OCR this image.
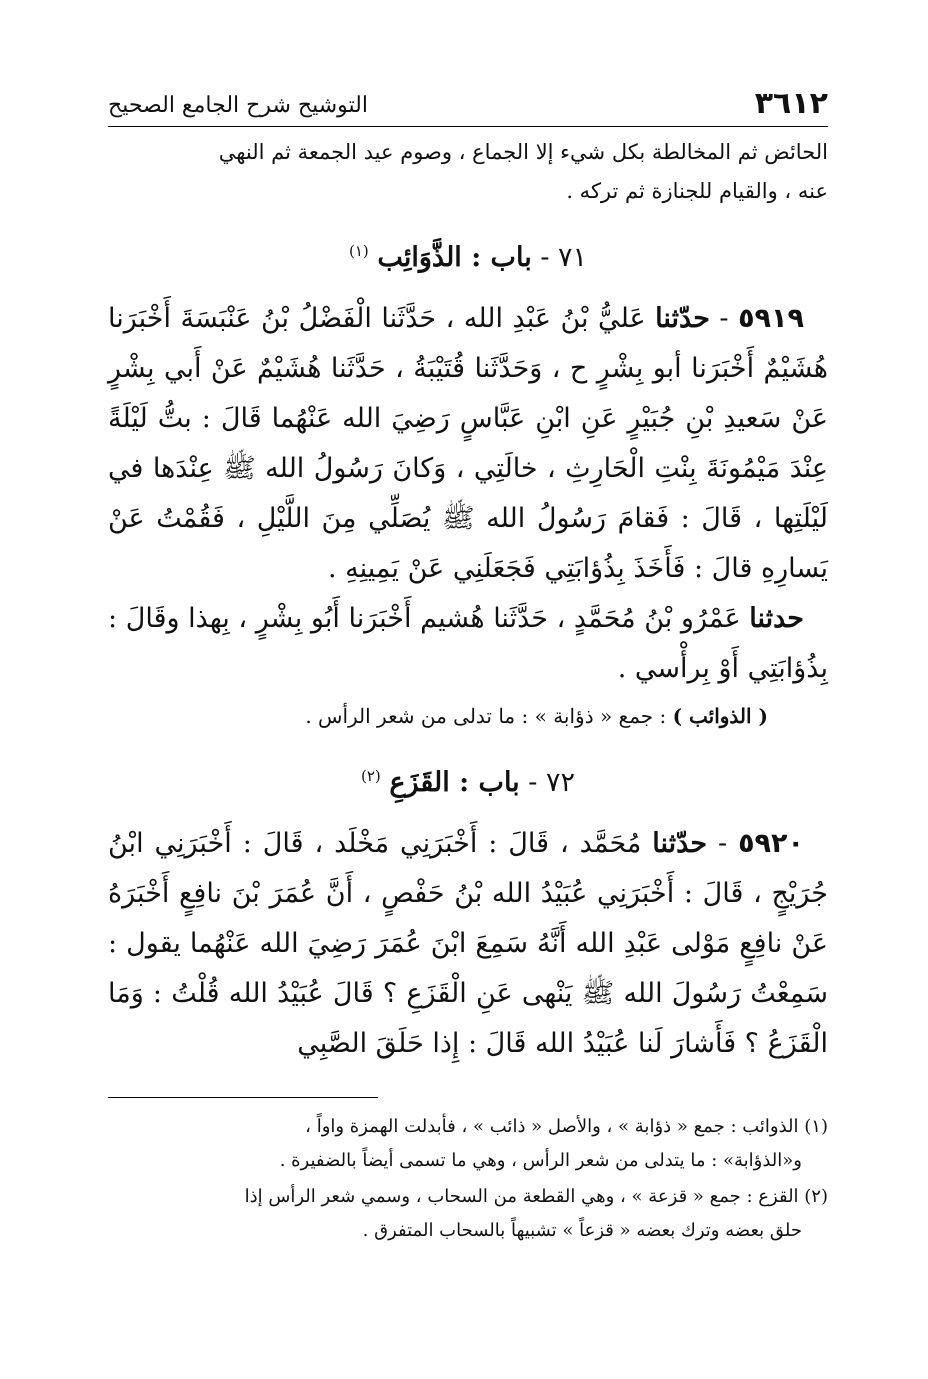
٣٦١٢
التوشيح شرح الجامع الصحيح

الحائض ثم المخالطة بكل شيء إلا الجماع ، وصوم عيد الجمعة ثم النهي

عنه ، والقيام للجنازة ثم تركه .

٧١ - باب : الذَّوَائِب $^{(١)}$

٥٩١٩ - حدّثنا عَليُّ بْنُ عَبْدِ الله ، حَدَّثَنا الْفَضْلُ بْنُ عَنْبَسَةَ أَخْبَرَنا هُشَيْمٌ أَخْبَرَنا أبو بِشْرٍ ح ، وَحَدَّثَنا قُتَيْبَةُ ، حَدَّثَنا هُشَيْمٌ عَنْ أَبي بِشْرٍ عَنْ سَعيدِ بْنِ جُبَيْرٍ عَنِ ابْنِ عَبَّاسٍ رَضِيَ الله عَنْهُما قَالَ : بتُّ لَيْلَةً عِنْدَ مَيْمُونَةَ بِنْتِ الْحَارِثِ ، خالَتِي ، وَكانَ رَسُولُ الله ﷺ عِنْدَها في لَيْلَتِها ، قَالَ : فَقامَ رَسُولُ الله ﷺ يُصَلِّي مِنَ اللَّيْلِ ، فَقُمْتُ عَنْ يَسارِهِ قالَ : فَأَخَذَ بِذُؤابَتِي فَجَعَلَنِي عَنْ يَمِينِهِ .

حدثنا عَمْرُو بْنُ مُحَمَّدٍ ، حَدَّثَنا هُشيم أَخْبَرَنا أَبُو بِشْرٍ ، بِهذا وقَالَ : بِذُؤابَتِي أَوْ بِرأْسي .

( الذوائب ) : جمع « ذؤابة » : ما تدلى من شعر الرأس .

٧٢ - باب : القَزَعِ $^{(٢)}$

٥٩٢٠ - حدّثنا مُحَمَّد ، قَالَ : أَخْبَرَنِي مَخْلَد ، قَالَ : أَخْبَرَنِي ابْنُ جُرَيْجٍ ، قَالَ : أَخْبَرَنِي عُبَيْدُ الله بْنُ حَفْصٍ ، أَنَّ عُمَرَ بْنَ نافِعٍ أَخْبَرَهُ عَنْ نافِعٍ مَوْلى عَبْدِ الله أَنَّهُ سَمِعَ ابْنَ عُمَرَ رَضِيَ الله عَنْهُما يقول : سَمِعْتُ رَسُولَ الله ﷺ يَنْهى عَنِ الْقَزَعِ ؟ قَالَ عُبَيْدُ الله قُلْتُ : وَمَا الْقَزَعُ ؟ فَأَشارَ لَنا عُبَيْدُ الله قَالَ : إِذا حَلَقَ الصَّبِي

(١) الذوائب : جمع « ذؤابة » ، والأصل « ذائب » ، فأبدلت الهمزة واواً ،
و«الذؤابة» : ما يتدلى من شعر الرأس ، وهي ما تسمى أيضاً بالضفيرة .

(٢) القزع : جمع « قزعة » ، وهي القطعة من السحاب ، وسمي شعر الرأس إذا
حلق بعضه وترك بعضه « قزعاً » تشبيهاً بالسحاب المتفرق .
